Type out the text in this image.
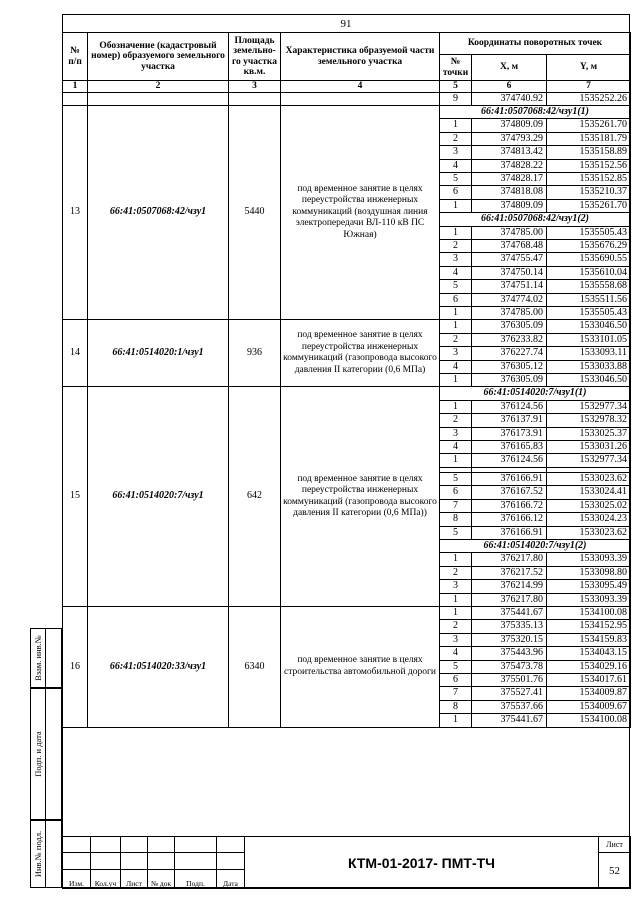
91
№ п/п	Обозначение (кадастровый номер) образуемого земельного участка	Площадь земельно-го участка кв.м.	Характеристика образуемой части земельного участка	Координаты поворотных точек		
				№ точки	X, м	Y, м
1	2	3	4	5	6	7
				9	374740.92	1535252.26
13	66:41:0507068:42/чзу1	5440	под временное занятие в целях переустройства инженерных коммуникаций (воздушная линия электропередачи ВЛ-110 кВ ПС Южная)	66:41:0507068:42/чзу1(1)		
				1	374809.09	1535261.70
				2	374793.29	1535181.79
				3	374813.42	1535158.89
				4	374828.22	1535152.56
				5	374828.17	1535152.85
				6	374818.08	1535210.37
				1	374809.09	1535261.70
				66:41:0507068:42/чзу1(2)		
				1	374785.00	1535505.43
				2	374768.48	1535676.29
				3	374755.47	1535690.55
				4	374750.14	1535610.04
				5	374751.14	1535558.68
				6	374774.02	1535511.56
				1	374785.00	1535505.43
14	66:41:0514020:1/чзу1	936	под временное занятие в целях переустройства инженерных коммуникаций (газопровода высокого давления II категории (0,6 МПа)	1	376305.09	1533046.50
				2	376233.82	1533101.05
				3	376227.74	1533093.11
				4	376305.12	1533033.88
				1	376305.09	1533046.50
15	66:41:0514020:7/чзу1	642	под временное занятие в целях переустройства инженерных коммуникаций (газопровода высокого давления II категории (0,6 МПа))	66:41:0514020:7/чзу1(1)		
				1	376124.56	1532977.34
				2	376137.91	1532978.32
				3	376173.91	1533025.37
				4	376165.83	1533031.26
				1	376124.56	1532977.34

				5	376166.91	1533023.62
				6	376167.52	1533024.41
				7	376166.72	1533025.02
				8	376166.12	1533024.23
				5	376166.91	1533023.62
				66:41:0514020:7/чзу1(2)		
				1	376217.80	1533093.39
				2	376217.52	1533098.80
				3	376214.99	1533095.49
				1	376217.80	1533093.39
16	66:41:0514020:33/чзу1	6340	под временное занятие в целях строительства автомобильной дороги	1	375441.67	1534100.08
				2	375335.13	1534152.95
				3	375320.15	1534159.83
				4	375443.96	1534043.15
				5	375473.78	1534029.16
				6	375501.76	1534017.61
				7	375527.41	1534009.87
				8	375537.66	1534009.67
				1	375441.67	1534100.08
Взам. инв.№
Подп. и дата
Инв.№ подл.
							КТМ-01-2017- ПМТ-ТЧ	Лист
							52
Изм.	Кол.уч	Лист	№ док	Подп.	Дата		
